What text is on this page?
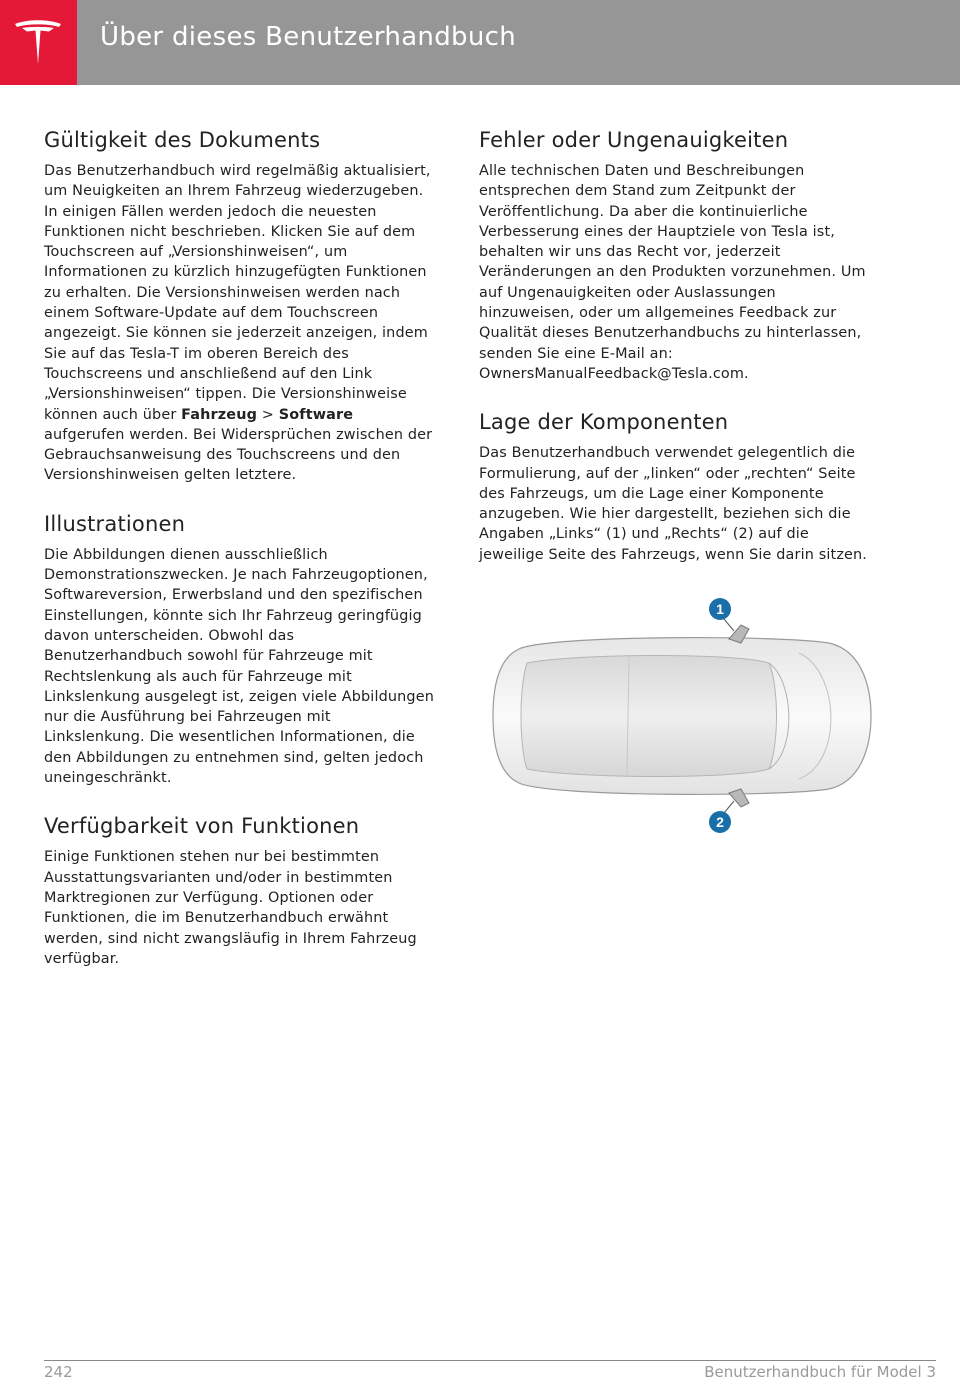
Über dieses Benutzerhandbuch
Gültigkeit des Dokuments

Das Benutzerhandbuch wird regelmäßig aktualisiert, um Neuigkeiten an Ihrem Fahrzeug wiederzugeben. In einigen Fällen werden jedoch die neuesten Funktionen nicht beschrieben. Klicken Sie auf dem Touchscreen auf „Versionshinweisen“, um Informationen zu kürzlich hinzugefügten Funktionen zu erhalten. Die Versionshinweisen werden nach einem Software-Update auf dem Touchscreen angezeigt. Sie können sie jederzeit anzeigen, indem Sie auf das Tesla-T im oberen Bereich des Touchscreens und anschließend auf den Link „Versionshinweisen“ tippen. Die Versionshinweise können auch über Fahrzeug > Software aufgerufen werden. Bei Widersprüchen zwischen der Gebrauchsanweisung des Touchscreens und den Versionshinweisen gelten letztere.

Illustrationen

Die Abbildungen dienen ausschließlich Demonstrationszwecken. Je nach Fahrzeugoptionen, Softwareversion, Erwerbsland und den spezifischen Einstellungen, könnte sich Ihr Fahrzeug geringfügig davon unterscheiden. Obwohl das Benutzerhandbuch sowohl für Fahrzeuge mit Rechtslenkung als auch für Fahrzeuge mit Linkslenkung ausgelegt ist, zeigen viele Abbildungen nur die Ausführung bei Fahrzeugen mit Linkslenkung. Die wesentlichen Informationen, die den Abbildungen zu entnehmen sind, gelten jedoch uneingeschränkt.

Verfügbarkeit von Funktionen

Einige Funktionen stehen nur bei bestimmten Ausstattungsvarianten und/oder in bestimmten Marktregionen zur Verfügung. Optionen oder Funktionen, die im Benutzerhandbuch erwähnt werden, sind nicht zwangsläufig in Ihrem Fahrzeug verfügbar.

Fehler oder Ungenauigkeiten

Alle technischen Daten und Beschreibungen entsprechen dem Stand zum Zeitpunkt der Veröffentlichung. Da aber die kontinuierliche Verbesserung eines der Hauptziele von Tesla ist, behalten wir uns das Recht vor, jederzeit Veränderungen an den Produkten vorzunehmen. Um auf Ungenauigkeiten oder Auslassungen hinzuweisen, oder um allgemeines Feedback zur Qualität dieses Benutzerhandbuchs zu hinterlassen, senden Sie eine E-Mail an: OwnersManualFeedback@Tesla.com.

Lage der Komponenten

Das Benutzerhandbuch verwendet gelegentlich die Formulierung, auf der „linken“ oder „rechten“ Seite des Fahrzeugs, um die Lage einer Komponente anzugeben. Wie hier dargestellt, beziehen sich die Angaben „Links“ (1) und „Rechts“ (2) auf die jeweilige Seite des Fahrzeugs, wenn Sie darin sitzen.

1
2
242	Benutzerhandbuch für Model 3
